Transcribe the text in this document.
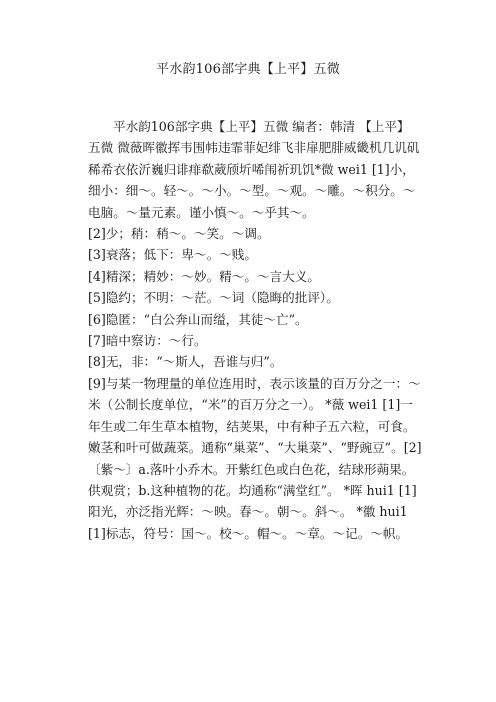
平水韵106部字典【上平】五微

平水韵106部字典【上平】五微 编者：韩清 【上平】五微 微薇晖徽挥韦围帏违霏菲妃绯飞非扉肥腓威畿机几讥矶稀希衣依沂巍归诽痱欷葳颀圻唏闱祈玑饥*微 wei1 [1]小，细小：细～。轻～。～小。～型。～观。～雕。～积分。～电脑。～量元素。谨小慎～。～乎其～。

[2]少；稍：稍～。～笑。～调。

[3]衰落；低下：卑～。～贱。

[4]精深；精妙：～妙。精～。～言大义。

[5]隐约；不明：～茫。～词（隐晦的批评）。

[6]隐匿：“白公奔山而缢，其徒～亡”。

[7]暗中察访：～行。

[8]无，非：“～斯人，吾谁与归”。

[9]与某一物理量的单位连用时，表示该量的百万分之一：～米（公制长度单位，“米”的百万分之一）。 *薇 wei1 [1]一年生或二年生草本植物，结荚果，中有种子五六粒，可食。嫩茎和叶可做蔬菜。通称“巢菜”、“大巢菜”、“野豌豆”。[2]〔紫～〕a.落叶小乔木。开紫红色或白色花，结球形蒴果。供观赏；b.这种植物的花。均通称“满堂红”。 *晖 hui1 [1]阳光，亦泛指光辉：～映。春～。朝～。斜～。 *徽 hui1 [1]标志，符号：国～。校～。帽～。～章。～记。～帜。
